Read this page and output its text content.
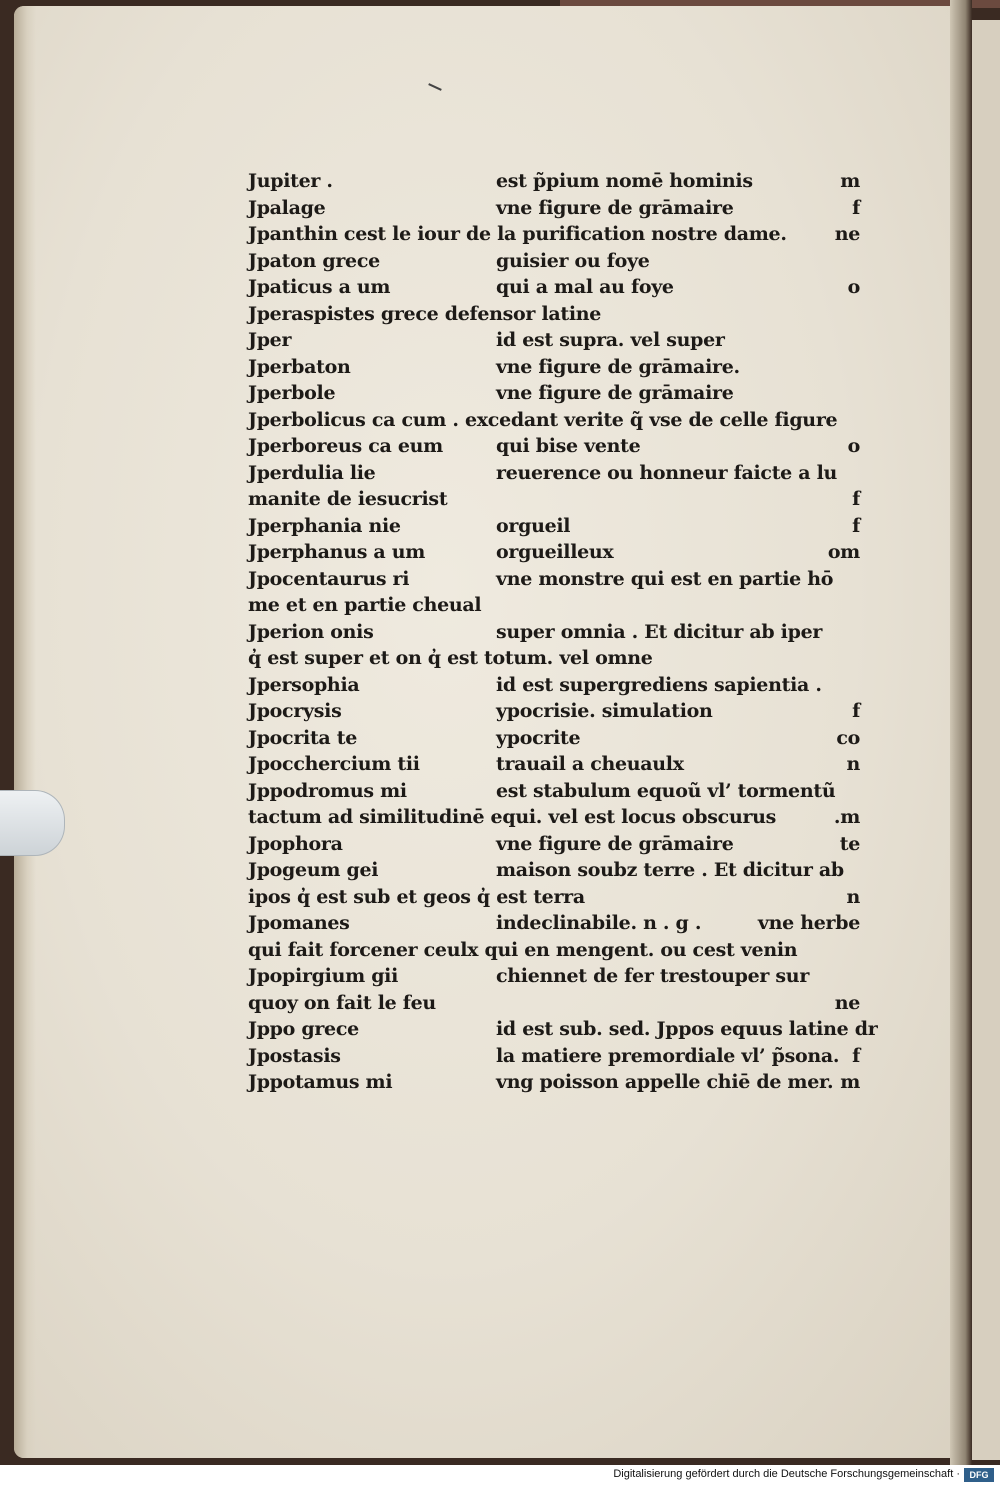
Jupiter .	est p̃pium nomē hominis	m
Jpalage	vne figure de grāmaire	f
Jpanthin cest le iour de la purification nostre dame.	ne
Jpaton grece	guisier ou foye
Jpaticus a um	qui a mal au foye	o
Jperaspistes grece defensor latine
Jper	id est supra. vel super
Jperbaton	vne figure de grāmaire.
Jperbole	vne figure de grāmaire
Jperbolicus ca cum . excedant verite q̃ vse de celle figure
Jperboreus ca eum	qui bise vente	o
Jperdulia lie	reuerence ou honneur faicte a lu
manite de iesucrist	f
Jperphania nie	orgueil	f
Jperphanus a um	orgueilleux	om
Jpocentaurus ri	vne monstre qui est en partie hō
me et en partie cheual
Jperion onis	super omnia . Et dicitur ab iper
q̓ est super et on q̓ est totum. vel omne
Jpersophia	id est supergrediens sapientia .
Jpocrysis	ypocrisie. simulation	f
Jpocrita te	ypocrite	co
Jpocchercium tii	trauail a cheuaulx	n
Jppodromus mi	est stabulum equoũ vl’ tormentũ
tactum ad similitudinē equi. vel est locus obscurus	.m
Jpophora	vne figure de grāmaire	te
Jpogeum gei	maison soubz terre . Et dicitur ab
ipos q̓ est sub et geos q̓ est terra	n
Jpomanes	indeclinabile. n . g .	vne herbe
qui fait forcener ceulx qui en mengent. ou cest venin
Jpopirgium gii	chiennet de fer trestouper sur
quoy on fait le feu	ne
Jppo grece	id est sub. sed. Jppos equus latine dr
Jpostasis	la matiere premordiale vl’ p̃sona. f
Jppotamus mi	vng poisson appelle chiē de mer. m
Digitalisierung gefördert durch die Deutsche Forschungsgemeinschaft ·	DFG
